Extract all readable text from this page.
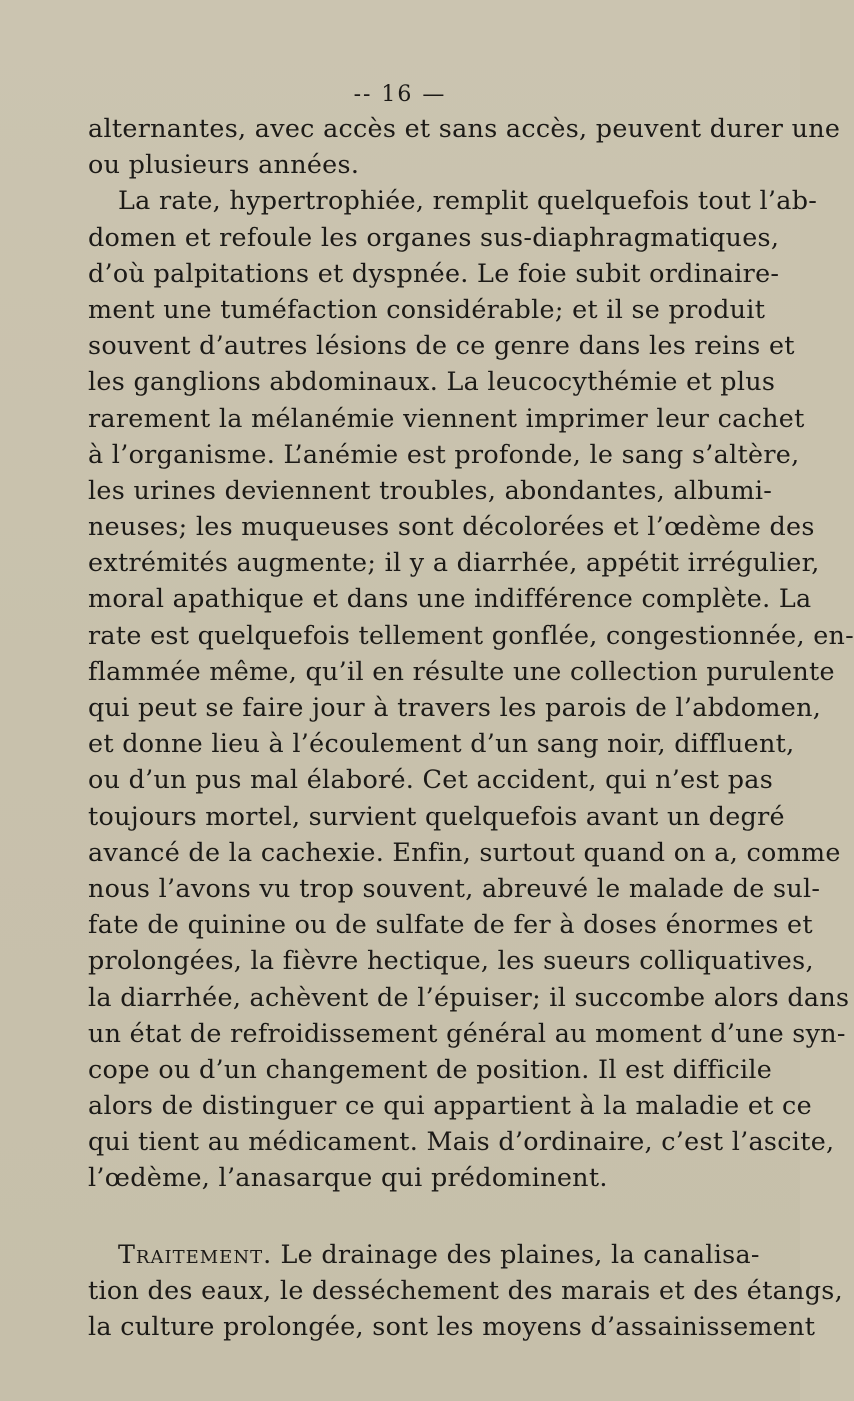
-- 16 —
alternantes, avec accès et sans accès, peuvent durer une
ou plusieurs années.
La rate, hypertrophiée, remplit quelquefois tout l’ab-
domen et refoule les organes sus-diaphragmatiques,
d’où palpitations et dyspnée. Le foie subit ordinaire-
ment une tuméfaction considérable; et il se produit
souvent d’autres lésions de ce genre dans les reins et
les ganglions abdominaux. La leucocythémie et plus
rarement la mélanémie viennent imprimer leur cachet
à l’organisme. L’anémie est profonde, le sang s’altère,
les urines deviennent troubles, abondantes, albumi-
neuses; les muqueuses sont décolorées et l’œdème des
extrémités augmente; il y a diarrhée, appétit irrégulier,
moral apathique et dans une indifférence complète. La
rate est quelquefois tellement gonflée, congestionnée, en-
flammée même, qu’il en résulte une collection purulente
qui peut se faire jour à travers les parois de l’abdomen,
et donne lieu à l’écoulement d’un sang noir, diffluent,
ou d’un pus mal élaboré. Cet accident, qui n’est pas
toujours mortel, survient quelquefois avant un degré
avancé de la cachexie. Enfin, surtout quand on a, comme
nous l’avons vu trop souvent, abreuvé le malade de sul-
fate de quinine ou de sulfate de fer à doses énormes et
prolongées, la fièvre hectique, les sueurs colliquatives,
la diarrhée, achèvent de l’épuiser; il succombe alors dans
un état de refroidissement général au moment d’une syn-
cope ou d’un changement de position. Il est difficile
alors de distinguer ce qui appartient à la maladie et ce
qui tient au médicament. Mais d’ordinaire, c’est l’ascite,
l’œdème, l’anasarque qui prédominent.
Traitement. Le drainage des plaines, la canalisa-
tion des eaux, le desséchement des marais et des étangs,
la culture prolongée, sont les moyens d’assainissement
